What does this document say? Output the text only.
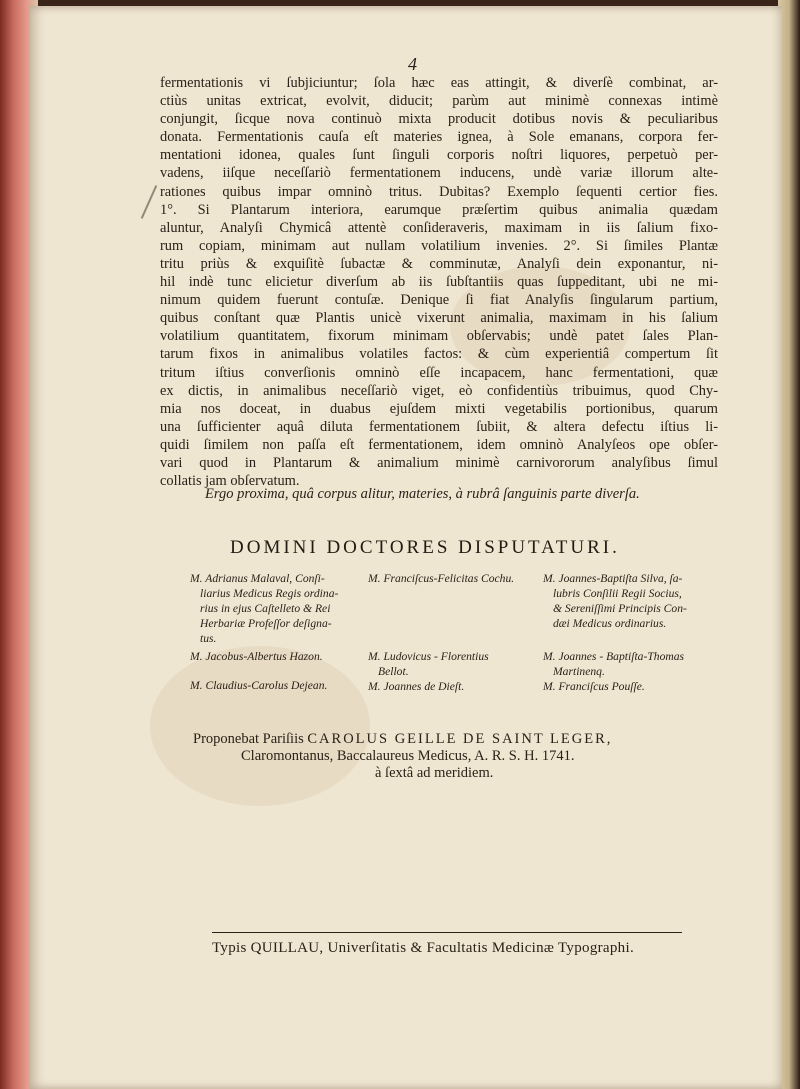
4
fermentationis vi ſubjiciuntur; ſola hæc eas attingit, & diverſè combinat, ar-
ctiùs unitas extricat, evolvit, diducit; parùm aut minimè connexas intimè
conjungit, ſicque nova continuò mixta producit dotibus novis & peculiaribus
donata. Fermentationis cauſa eſt materies ignea, à Sole emanans, corpora fer-
mentationi idonea, quales ſunt ſinguli corporis noſtri liquores, perpetuò per-
vadens, iiſque neceſſariò fermentationem inducens, undè variæ illorum alte-
rationes quibus impar omninò tritus. Dubitas? Exemplo ſequenti certior fies.
1°. Si Plantarum interiora, earumque præſertim quibus animalia quædam
aluntur, Analyſi Chymicâ attentè conſideraveris, maximam in iis ſalium fixo-
rum copiam, minimam aut nullam volatilium invenies. 2°. Si ſimiles Plantæ
tritu priùs & exquiſitè ſubactæ & comminutæ, Analyſi dein exponantur, ni-
hil indè tunc elicietur diverſum ab iis ſubſtantiis quas ſuppeditant, ubi ne mi-
nimum quidem fuerunt contuſæ. Denique ſi fiat Analyſis ſingularum partium,
quibus conſtant quæ Plantis unicè vixerunt animalia, maximam in his ſalium
volatilium quantitatem, fixorum minimam obſervabis; undè patet ſales Plan-
tarum fixos in animalibus volatiles factos: & cùm experientiâ compertum ſit
tritum iſtius converſionis omninò eſſe incapacem, hanc fermentationi, quæ
ex dictis, in animalibus neceſſariò viget, eò confidentiùs tribuimus, quod Chy-
mia nos doceat, in duabus ejuſdem mixti vegetabilis portionibus, quarum
una ſufficienter aquâ diluta fermentationem ſubiit, & altera defectu iſtius li-
quidi ſimilem non paſſa eſt fermentationem, idem omninò Analyſeos ope obſer-
vari quod in Plantarum & animalium minimè carnivororum analyſibus ſimul
collatis jam obſervatum.
Ergo proxima, quâ corpus alitur, materies, à rubrâ ſanguinis parte diverſa.
DOMINI DOCTORES DISPUTATURI.
M. Adrianus Malaval, Conſi-
liarius Medicus Regis ordina-
rius in ejus Caſtelleto & Rei
Herbariæ Profeſſor deſigna-
tus.
M. Jacobus-Albertus Hazon.
M. Claudius-Carolus Dejean.
M. Franciſcus-Felicitas Cochu.
M. Ludovicus - Florentius
Bellot.
M. Joannes de Dieſt.
M. Joannes-Baptiſta Silva, ſa-
lubris Conſilii Regii Socius,
& Sereniſſimi Principis Con-
dæi Medicus ordinarius.
M. Joannes - Baptiſta-Thomas
Martinenq.
M. Franciſcus Pouſſe.
Proponebat Pariſiis CAROLUS GEILLE DE SAINT LEGER,
Claromontanus, Baccalaureus Medicus, A. R. S. H. 1741.
à ſextâ ad meridiem.
Typis QUILLAU, Univerſitatis & Facultatis Medicinæ Typographi.
